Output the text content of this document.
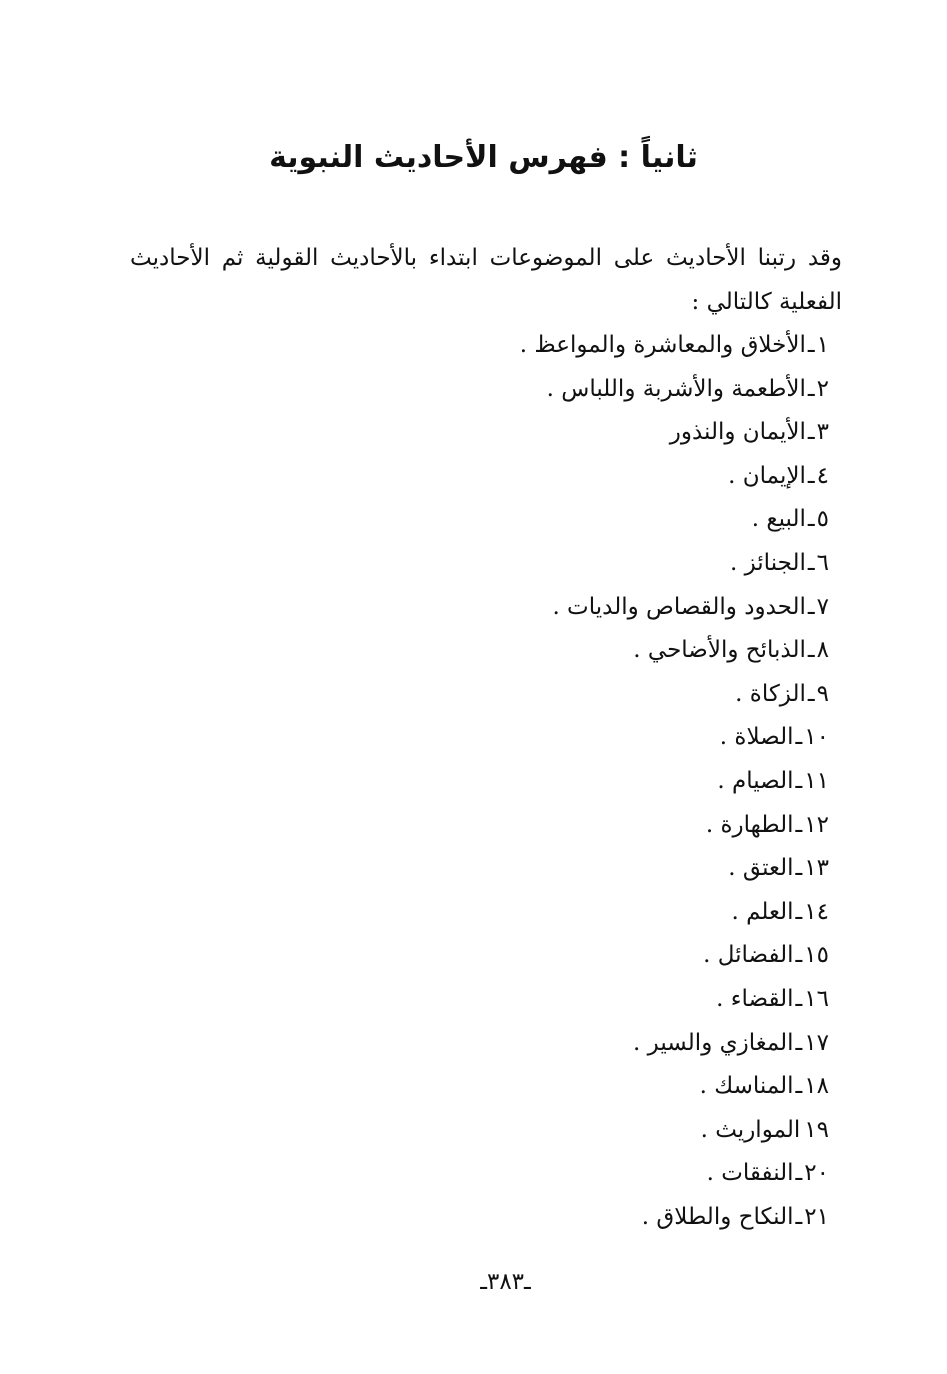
ثانياً : فهرس الأحاديث النبوية
وقد رتبنا الأحاديث على الموضوعات ابتداء بالأحاديث القولية ثم الأحاديث الفعلية كالتالي :
١ـالأخلاق والمعاشرة والمواعظ .
٢ـالأطعمة والأشربة واللباس .
٣ـالأيمان والنذور
٤ـالإيمان .
٥ـالبيع .
٦ـالجنائز .
٧ـالحدود والقصاص والديات .
٨ـالذبائح والأضاحي .
٩ـالزكاة .
١٠ـالصلاة .
١١ـالصيام .
١٢ـالطهارة .
١٣ـالعتق .
١٤ـالعلم .
١٥ـالفضائل .
١٦ـالقضاء .
١٧ـالمغازي والسير .
١٨ـالمناسك .
١٩المواريث .
٢٠ـالنفقات .
٢١ـالنكاح والطلاق .
ـ٣٨٣ـ
